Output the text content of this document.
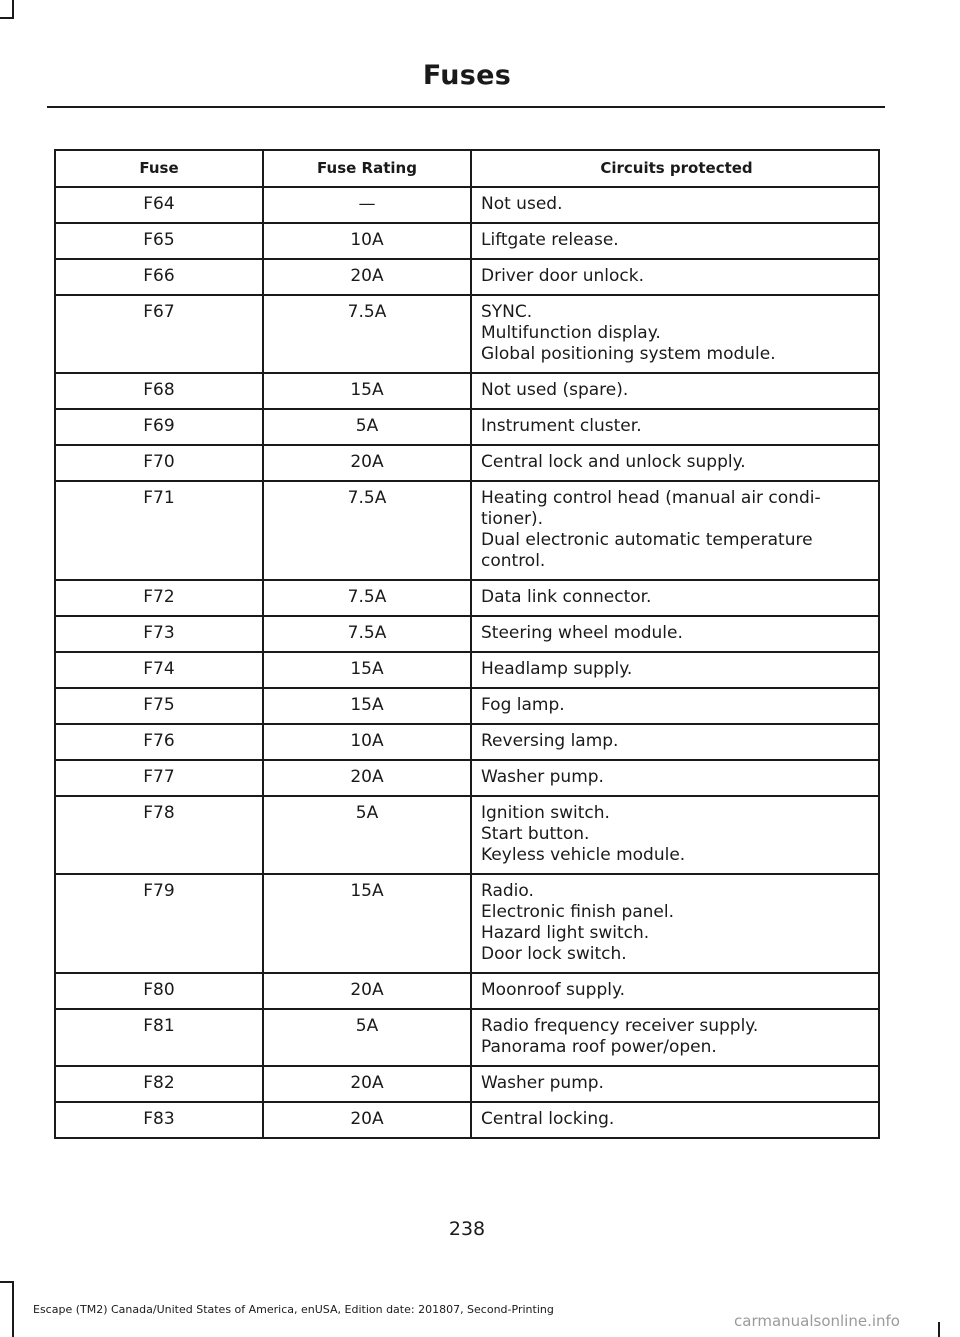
Fuses
Fuse	Fuse Rating	Circuits protected
F64	—	Not used.

F65	10A	Liftgate release.

F66	20A	Driver door unlock.

F67	7.5A	SYNC.
Multifunction display.
Global positioning system module.

F68	15A	Not used (spare).

F69	5A	Instrument cluster.

F70	20A	Central lock and unlock supply.

F71	7.5A	Heating control head (manual air condi-
tioner).
Dual electronic automatic temperature
control.

F72	7.5A	Data link connector.

F73	7.5A	Steering wheel module.

F74	15A	Headlamp supply.

F75	15A	Fog lamp.

F76	10A	Reversing lamp.

F77	20A	Washer pump.

F78	5A	Ignition switch.
Start button.
Keyless vehicle module.

F79	15A	Radio.
Electronic finish panel.
Hazard light switch.
Door lock switch.

F80	20A	Moonroof supply.

F81	5A	Radio frequency receiver supply.
Panorama roof power/open.

F82	20A	Washer pump.

F83	20A	Central locking.
238
Escape (TM2) Canada/United States of America, enUSA, Edition date: 201807, Second-Printing
carmanualsonline.info
